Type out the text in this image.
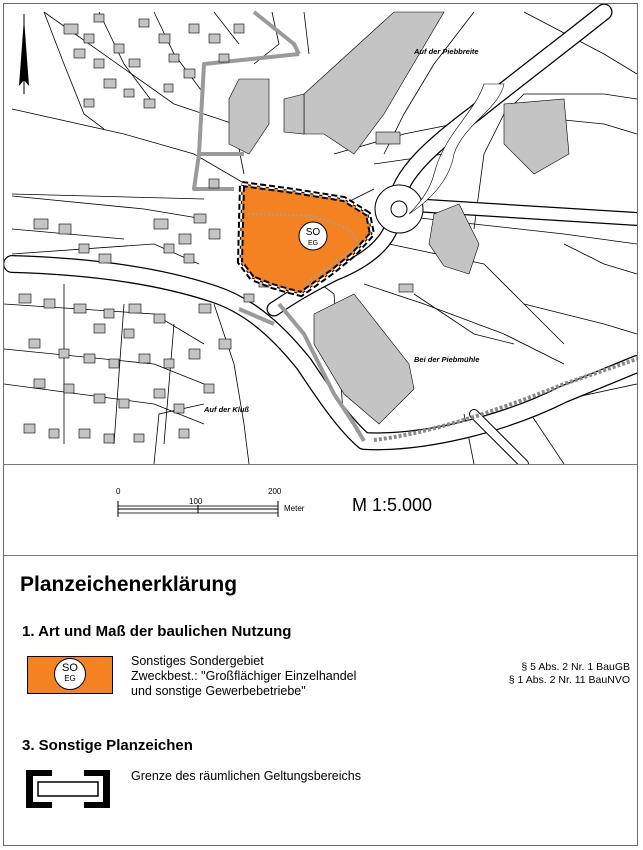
SO
EG
Auf der Piebbreite
Bei der Piebmühle
Auf der Kluß
0
100
200
Meter	M 1:5.000
Planzeichenerklärung
1. Art und Maß der baulichen Nutzung
SO
EG
Sonstiges Sondergebiet
Zweckbest.: "Großflächiger Einzelhandel
und sonstige Gewerbebetriebe"
§ 5 Abs. 2 Nr. 1 BauGB
§ 1 Abs. 2 Nr. 11 BauNVO
3. Sonstige Planzeichen
Grenze des räumlichen Geltungsbereichs
